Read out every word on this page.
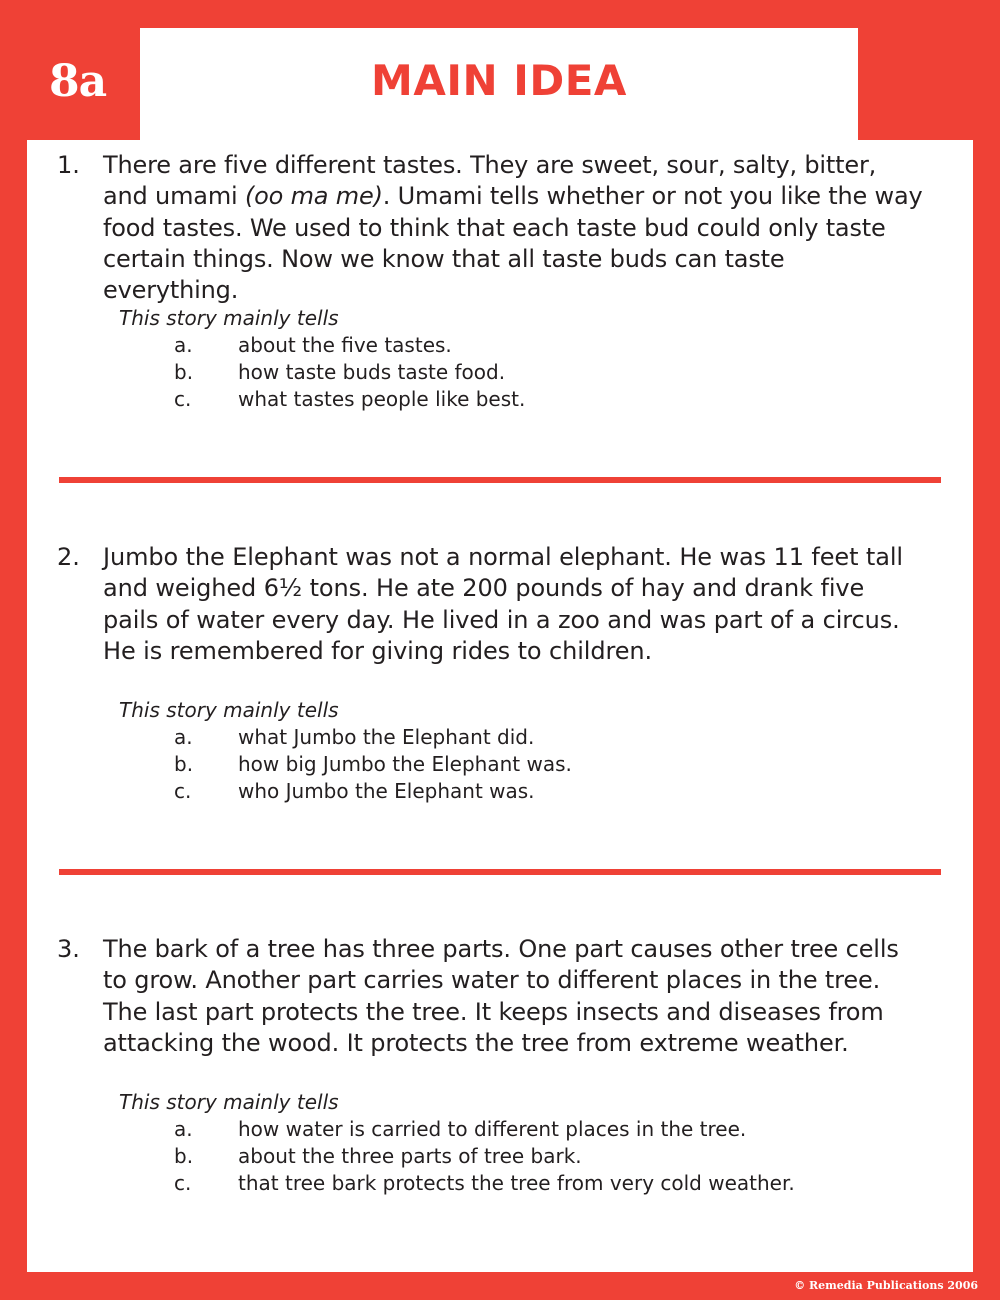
8a	MAIN IDEA
1. There are five different tastes. They are sweet, sour, salty, bitter, and umami (oo ma me). Umami tells whether or not you like the way food tastes. We used to think that each taste bud could only taste certain things. Now we know that all taste buds can taste everything.
This story mainly tells
a. about the five tastes.
b. how taste buds taste food.
c. what tastes people like best.
2. Jumbo the Elephant was not a normal elephant. He was 11 feet tall and weighed 6½ tons. He ate 200 pounds of hay and drank five pails of water every day. He lived in a zoo and was part of a circus. He is remembered for giving rides to children.
This story mainly tells
a. what Jumbo the Elephant did.
b. how big Jumbo the Elephant was.
c. who Jumbo the Elephant was.
3. The bark of a tree has three parts. One part causes other tree cells to grow. Another part carries water to different places in the tree. The last part protects the tree. It keeps insects and diseases from attacking the wood. It protects the tree from extreme weather.
This story mainly tells
a. how water is carried to different places in the tree.
b. about the three parts of tree bark.
c. that tree bark protects the tree from very cold weather.
© Remedia Publications 2006
